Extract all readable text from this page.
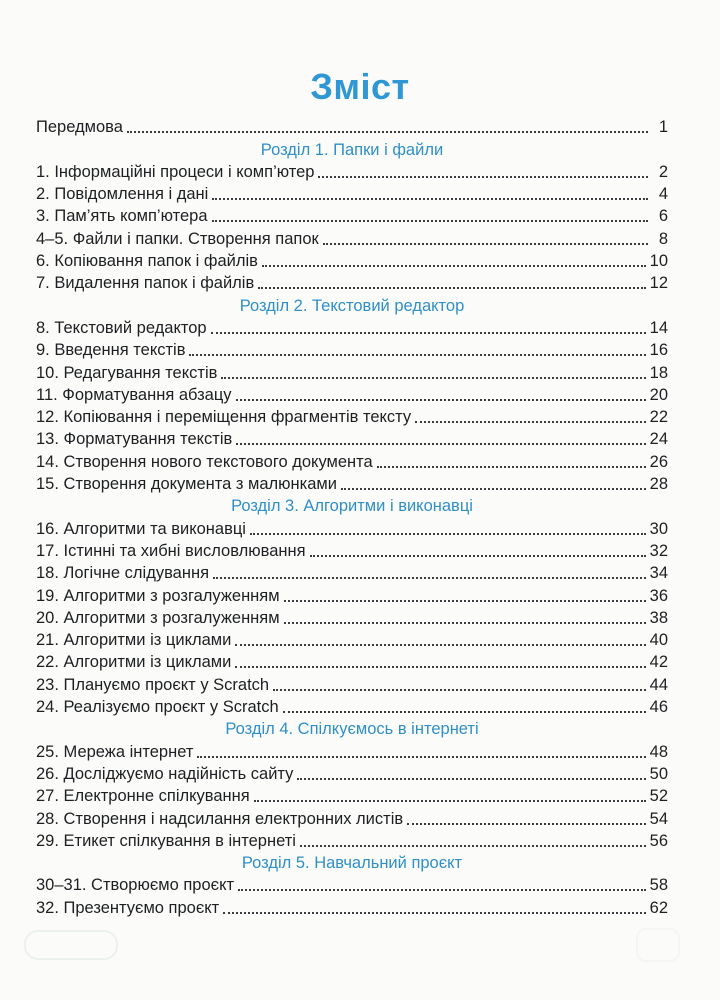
Зміст
Передмова	1
Розділ 1. Папки і файли
1. Інформаційні процеси і комп’ютер	2
2. Повідомлення і дані	4
3. Пам’ять комп’ютера	6
4–5. Файли і папки. Створення папок	8
6. Копіювання папок і файлів	10
7. Видалення папок і файлів	12
Розділ 2. Текстовий редактор
8. Текстовий редактор	14
9. Введення текстів	16
10. Редагування текстів	18
11. Форматування абзацу	20
12. Копіювання і переміщення фрагментів тексту	22
13. Форматування текстів	24
14. Створення нового текстового документа	26
15. Створення документа з малюнками	28
Розділ 3. Алгоритми і виконавці
16. Алгоритми та виконавці	30
17. Істинні та хибні висловлювання	32
18. Логічне слідування	34
19. Алгоритми з розгалуженням	36
20. Алгоритми з розгалуженням	38
21. Алгоритми із циклами	40
22. Алгоритми із циклами	42
23. Плануємо проєкт у Scratch	44
24. Реалізуємо проєкт у Scratch	46
Розділ 4. Спілкуємось в інтернеті
25. Мережа інтернет	48
26. Досліджуємо надійність сайту	50
27. Електронне спілкування	52
28. Створення і надсилання електронних листів	54
29. Етикет спілкування в інтернеті	56
Розділ 5. Навчальний проєкт
30–31. Створюємо проєкт	58
32. Презентуємо проєкт	62
